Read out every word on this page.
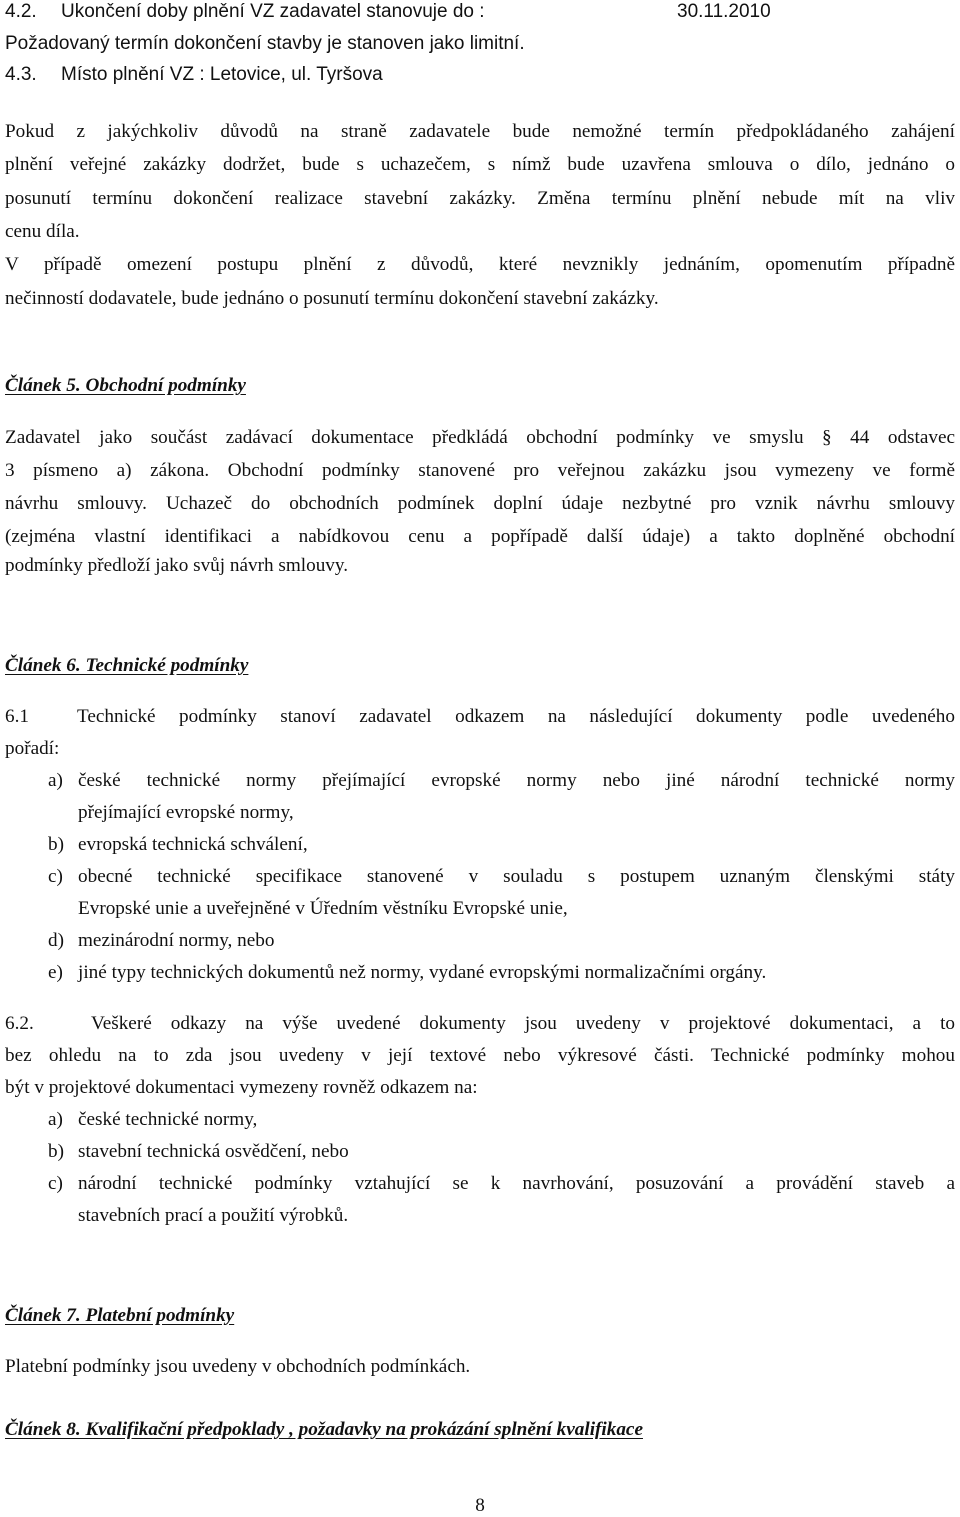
4.2. Ukončení doby plnění VZ zadavatel stanovuje do :	30.11.2010
Požadovaný termín dokončení stavby je stanoven jako limitní.
4.3. Místo plnění VZ : Letovice, ul. Tyršova
Pokud z jakýchkoliv důvodů na straně zadavatele bude nemožné termín předpokládaného zahájení
plnění veřejné zakázky dodržet, bude s uchazečem, s nímž bude uzavřena smlouva o dílo, jednáno o
posunutí termínu dokončení realizace stavební zakázky. Změna termínu plnění nebude mít na vliv
cenu díla.
V případě omezení postupu plnění z důvodů, které nevznikly jednáním, opomenutím případně
nečinností dodavatele, bude jednáno o posunutí termínu dokončení stavební zakázky.
Článek 5. Obchodní podmínky
Zadavatel jako součást zadávací dokumentace předkládá obchodní podmínky ve smyslu § 44 odstavec
3 písmeno a) zákona. Obchodní podmínky stanovené pro veřejnou zakázku jsou vymezeny ve formě
návrhu smlouvy. Uchazeč do obchodních podmínek doplní údaje nezbytné pro vznik návrhu smlouvy
(zejména vlastní identifikaci a nabídkovou cenu a popřípadě další údaje) a takto doplněné obchodní
podmínky předloží jako svůj návrh smlouvy.
Článek 6. Technické podmínky
6.1	Technické podmínky stanoví zadavatel odkazem na následující dokumenty podle uvedeného
pořadí:
a) české technické normy přejímající evropské normy nebo jiné národní technické normy
přejímající evropské normy,
b) evropská technická schválení,
c) obecné technické specifikace stanovené v souladu s postupem uznaným členskými státy
Evropské unie a uveřejněné v Úředním věstníku Evropské unie,
d) mezinárodní normy, nebo
e) jiné typy technických dokumentů než normy, vydané evropskými normalizačními orgány.
6.2.	Veškeré odkazy na výše uvedené dokumenty jsou uvedeny v projektové dokumentaci, a to
bez ohledu na to zda jsou uvedeny v její textové nebo výkresové části. Technické podmínky mohou
být v projektové dokumentaci vymezeny rovněž odkazem na:
a) české technické normy,
b) stavební technická osvědčení, nebo
c) národní technické podmínky vztahující se k navrhování, posuzování a provádění staveb a
stavebních prací a použití výrobků.
Článek 7. Platební podmínky
Platební podmínky jsou uvedeny v obchodních podmínkách.
Článek 8. Kvalifikační předpoklady , požadavky na prokázání splnění kvalifikace
8
